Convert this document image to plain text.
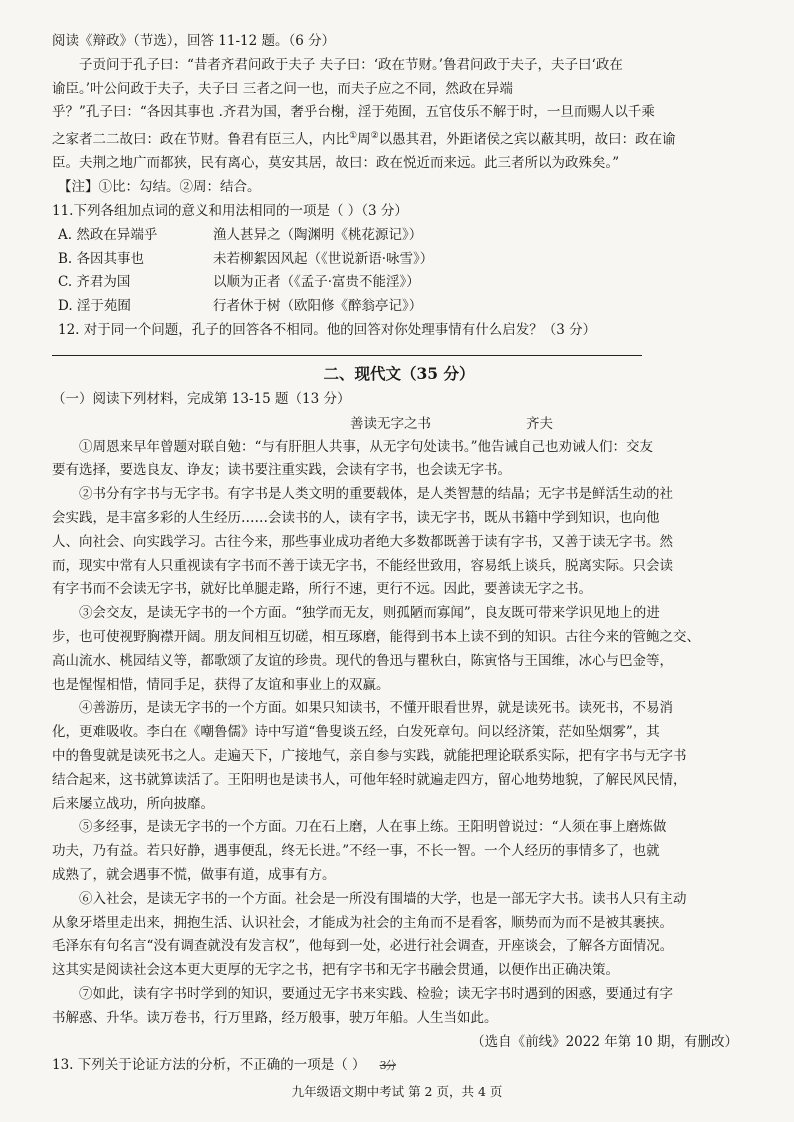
阅读《辩政》（节选），回答 11-12 题。（6 分）
子贡问于孔子曰：“昔者齐君问政于夫子 夫子曰：‘政在节财。’鲁君问政于夫子，夫子曰‘政在
谕臣。’叶公问政于夫子，夫子曰 三者之问一也，而夫子应之不同，然政在异端
乎？”孔子曰：“各因其事也 .齐君为国，奢乎台榭，淫于苑囿，五官伎乐不解于时，一旦而赐人以千乘
之家者二二故曰：政在节财。鲁君有臣三人，内比①周②以愚其君，外距诸侯之宾以蔽其明，故曰：政在谕
臣。夫荆之地广而都狭，民有离心，莫安其居，故曰：政在悦近而来远。此三者所以为政殊矣。”
【注】①比：勾结。②周：结合。
11.下列各组加点词的意义和用法相同的一项是（ ）（3 分）
A. 然政在异端乎	渔人甚异之（陶渊明《桃花源记》）
B. 各因其事也	未若柳絮因风起（《世说新语·咏雪》）
C. 齐君为国	以顺为正者（《孟子·富贵不能淫》）
D. 淫于苑囿	行者休于树（欧阳修《醉翁亭记》）
12. 对于同一个问题，孔子的回答各不相同。他的回答对你处理事情有什么启发？（3 分）
二、现代文（35 分）
（一）阅读下列材料，完成第 13-15 题（13 分）
善读无字之书	齐夫
①周恩来早年曾题对联自勉：“与有肝胆人共事，从无字句处读书。”他告诫自己也劝诫人们：交友
要有选择，要选良友、诤友；读书要注重实践，会读有字书，也会读无字书。
②书分有字书与无字书。有字书是人类文明的重要载体，是人类智慧的结晶；无字书是鲜活生动的社
会实践，是丰富多彩的人生经历……会读书的人，读有字书，读无字书，既从书籍中学到知识，也向他
人、向社会、向实践学习。古往今来，那些事业成功者绝大多数都既善于读有字书，又善于读无字书。然
而，现实中常有人只重视读有字书而不善于读无字书，不能经世致用，容易纸上谈兵，脱离实际。只会读
有字书而不会读无字书，就好比单腿走路，所行不速，更行不远。因此，要善读无字之书。
③会交友，是读无字书的一个方面。“独学而无友，则孤陋而寡闻”，良友既可带来学识见地上的进
步，也可使视野胸襟开阔。朋友间相互切磋，相互琢磨，能得到书本上读不到的知识。古往今来的管鲍之交、
高山流水、桃园结义等，都歌颂了友谊的珍贵。现代的鲁迅与瞿秋白，陈寅恪与王国维，冰心与巴金等，
也是惺惺相惜，情同手足，获得了友谊和事业上的双赢。
④善游历，是读无字书的一个方面。如果只知读书，不懂开眼看世界，就是读死书。读死书，不易消
化，更难吸收。李白在《嘲鲁儒》诗中写道“鲁叟谈五经，白发死章句。问以经济策，茫如坠烟雾”，其
中的鲁叟就是读死书之人。走遍天下，广接地气，亲自参与实践，就能把理论联系实际，把有字书与无字书
结合起来，这书就算读活了。王阳明也是读书人，可他年轻时就遍走四方，留心地势地貌，了解民风民情，
后来屡立战功，所向披靡。
⑤多经事，是读无字书的一个方面。刀在石上磨，人在事上练。王阳明曾说过：“人须在事上磨炼做
功夫，乃有益。若只好静，遇事便乱，终无长进。”不经一事，不长一智。一个人经历的事情多了，也就
成熟了，就会遇事不慌，做事有道，成事有方。
⑥入社会，是读无字书的一个方面。社会是一所没有围墙的大学，也是一部无字大书。读书人只有主动
从象牙塔里走出来，拥抱生活、认识社会，才能成为社会的主角而不是看客，顺势而为而不是被其裹挟。
毛泽东有句名言“没有调查就没有发言权”，他每到一处，必进行社会调查，开座谈会，了解各方面情况。
这其实是阅读社会这本更大更厚的无字之书，把有字书和无字书融会贯通，以便作出正确决策。
⑦如此，读有字书时学到的知识，要通过无字书来实践、检验；读无字书时遇到的困惑，要通过有字
书解惑、升华。读万卷书，行万里路，经万般事，驶万年船。人生当如此。
（选自《前线》2022 年第 10 期，有删改）
13. 下列关于论证方法的分析，不正确的一项是（ ） 3分
九年级语文期中考试 第 2 页，共 4 页
